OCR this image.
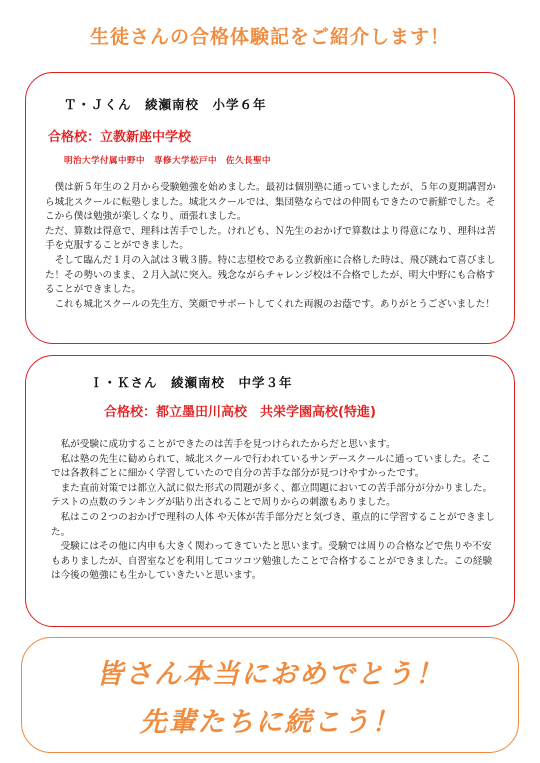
生徒さんの合格体験記をご紹介します！
Ｔ・Ｊくん　綾瀬南校　小学６年
合格校：立教新座中学校
明治大学付属中野中　専修大学松戸中　佐久長聖中

　僕は新５年生の２月から受験勉強を始めました。最初は個別塾に通っていましたが、５年の夏期講習から城北スクールに転塾しました。城北スクールでは、集団塾ならではの仲間もできたので新鮮でした。そこから僕は勉強が楽しくなり、頑張れました。

ただ、算数は得意で、理科は苦手でした。けれども、Ｎ先生のおかげで算数はより得意になり、理科は苦手を克服することができました。

　そして臨んだ１月の入試は３戦３勝。特に志望校である立教新座に合格した時は、飛び跳ねて喜びました！その勢いのまま、２月入試に突入。残念ながらチャレンジ校は不合格でしたが、明大中野にも合格することができました。

　これも城北スクールの先生方、笑顔でサポートしてくれた両親のお蔭です。ありがとうございました！

Ｉ・Ｋさん　綾瀬南校　中学３年
合格校：都立墨田川高校　共栄学園高校(特進)

　私が受験に成功することができたのは苦手を見つけられたからだと思います。

　私は塾の先生に勧められて、城北スクールで行われているサンデースクールに通っていました。そこでは各教科ごとに細かく学習していたので自分の苦手な部分が見つけやすかったです。

　また直前対策では都立入試に似た形式の問題が多く、都立問題においての苦手部分が分かりました。テストの点数のランキングが貼り出されることで周りからの刺激もありました。

　私はこの２つのおかげで理科の人体 や天体が苦手部分だと気づき、重点的に学習することができました。

　受験にはその他に内申も大きく関わってきていたと思います。受験では周りの合格などで焦りや不安もありましたが、自習室などを利用してコツコツ勉強したことで合格することができました。この経験は今後の勉強にも生かしていきたいと思います。

皆さん本当におめでとう！
先輩たちに続こう！
